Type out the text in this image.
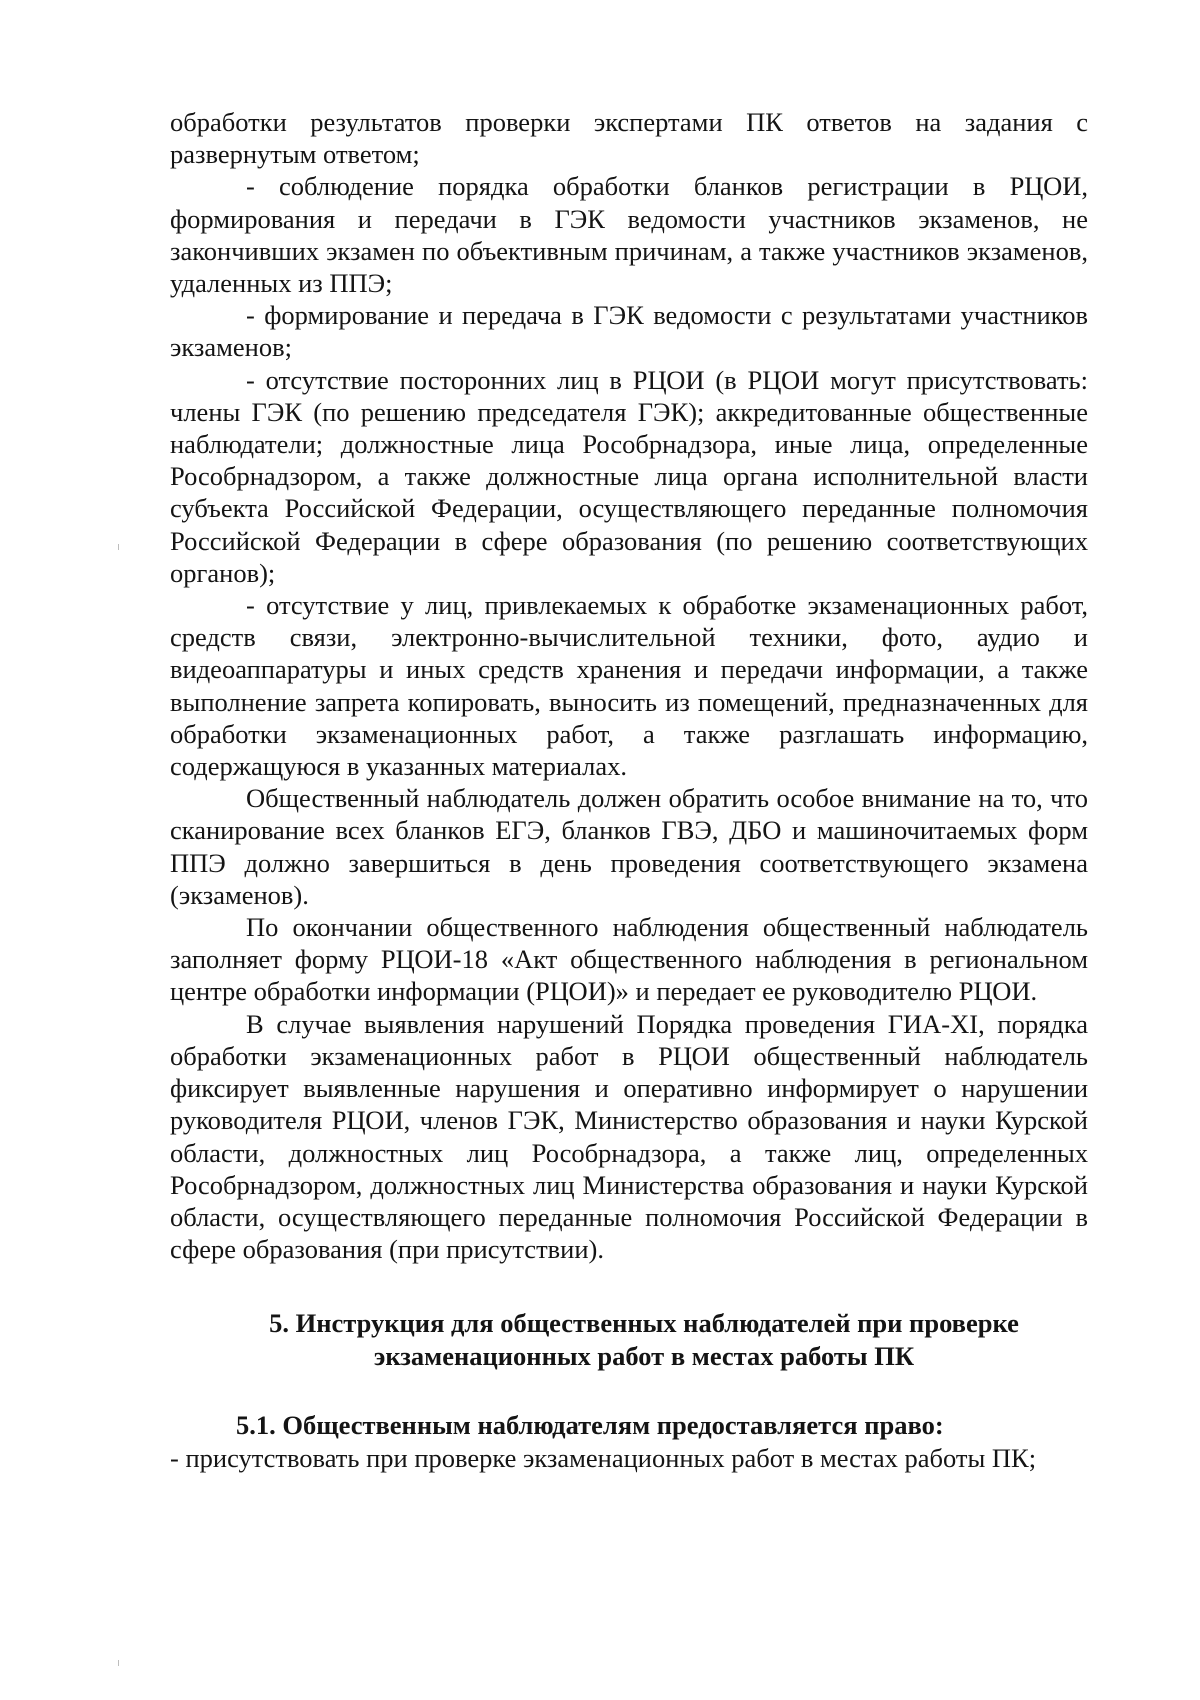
обработки результатов проверки экспертами ПК ответов на задания с развернутым ответом;

- соблюдение порядка обработки бланков регистрации в РЦОИ, формирования и передачи в ГЭК ведомости участников экзаменов, не закончивших экзамен по объективным причинам, а также участников экзаменов, удаленных из ППЭ;

- формирование и передача в ГЭК ведомости с результатами участников экзаменов;

- отсутствие посторонних лиц в РЦОИ (в РЦОИ могут присутствовать: члены ГЭК (по решению председателя ГЭК); аккредитованные общественные наблюдатели; должностные лица Рособрнадзора, иные лица, определенные Рособрнадзором, а также должностные лица органа исполнительной власти субъекта Российской Федерации, осуществляющего переданные полномочия Российской Федерации в сфере образования (по решению соответствующих органов);

- отсутствие у лиц, привлекаемых к обработке экзаменационных работ, средств связи, электронно-вычислительной техники, фото, аудио и видеоаппаратуры и иных средств хранения и передачи информации, а также выполнение запрета копировать, выносить из помещений, предназначенных для обработки экзаменационных работ, а также разглашать информацию, содержащуюся в указанных материалах.

Общественный наблюдатель должен обратить особое внимание на то, что сканирование всех бланков ЕГЭ, бланков ГВЭ, ДБО и машиночитаемых форм ППЭ должно завершиться в день проведения соответствующего экзамена (экзаменов).

По окончании общественного наблюдения общественный наблюдатель заполняет форму РЦОИ-18 «Акт общественного наблюдения в региональном центре обработки информации (РЦОИ)» и передает ее руководителю РЦОИ.

В случае выявления нарушений Порядка проведения ГИА-XI, порядка обработки экзаменационных работ в РЦОИ общественный наблюдатель фиксирует выявленные нарушения и оперативно информирует о нарушении руководителя РЦОИ, членов ГЭК, Министерство образования и науки Курской области, должностных лиц Рособрнадзора, а также лиц, определенных Рособрнадзором, должностных лиц Министерства образования и науки Курской области, осуществляющего переданные полномочия Российской Федерации в сфере образования (при присутствии).

5. Инструкция для общественных наблюдателей при проверке
экзаменационных работ в местах работы ПК

5.1. Общественным наблюдателям предоставляется право:

- присутствовать при проверке экзаменационных работ в местах работы ПК;
